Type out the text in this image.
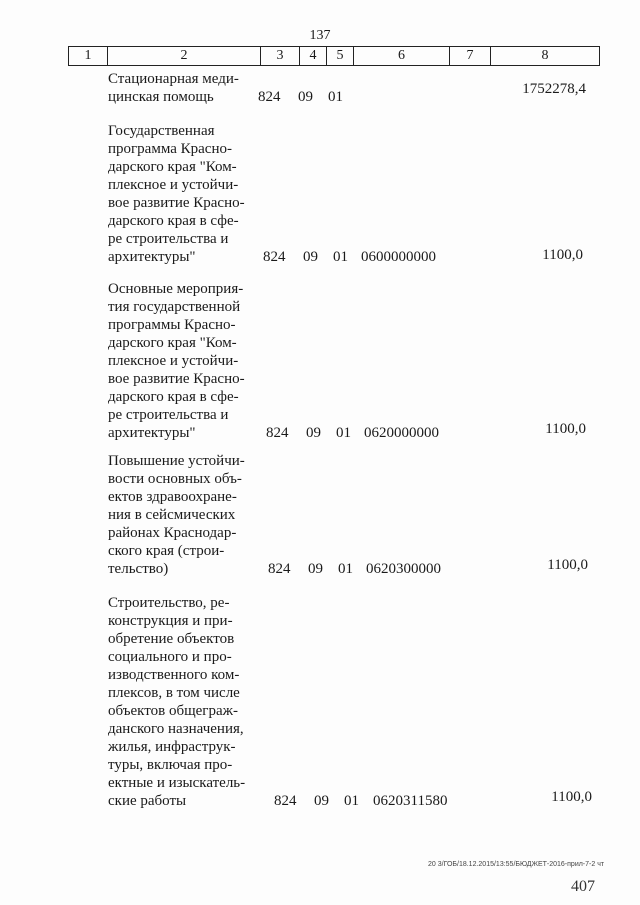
137
1	2	3	4	5	6	7	8
Стационарная меди-
цинская помощь	824 09 01	1752278,4
Государственная
программа Красно-
дарского края "Ком-
плексное и устойчи-
вое развитие Красно-
дарского края в сфе-
ре строительства и
архитектуры"	824 09 01 0600000000	1100,0
Основные мероприя-
тия государственной
программы Красно-
дарского края "Ком-
плексное и устойчи-
вое развитие Красно-
дарского края в сфе-
ре строительства и
архитектуры"	824 09 01 0620000000	1100,0
Повышение устойчи-
вости основных объ-
ектов здравоохране-
ния в сейсмических
районах Краснодар-
ского края (строи-
тельство)	824 09 01 0620300000	1100,0
Строительство, ре-
конструкция и при-
обретение объектов
социального и про-
изводственного ком-
плексов, в том числе
объектов общеграж-
данского назначения,
жилья, инфраструк-
туры, включая про-
ектные и изыскатель-
ские работы	824 09 01 0620311580	1100,0
20 3/ГОБ/18.12.2015/13:55/БЮДЖЕТ-2016-прил-7-2 чт
407
